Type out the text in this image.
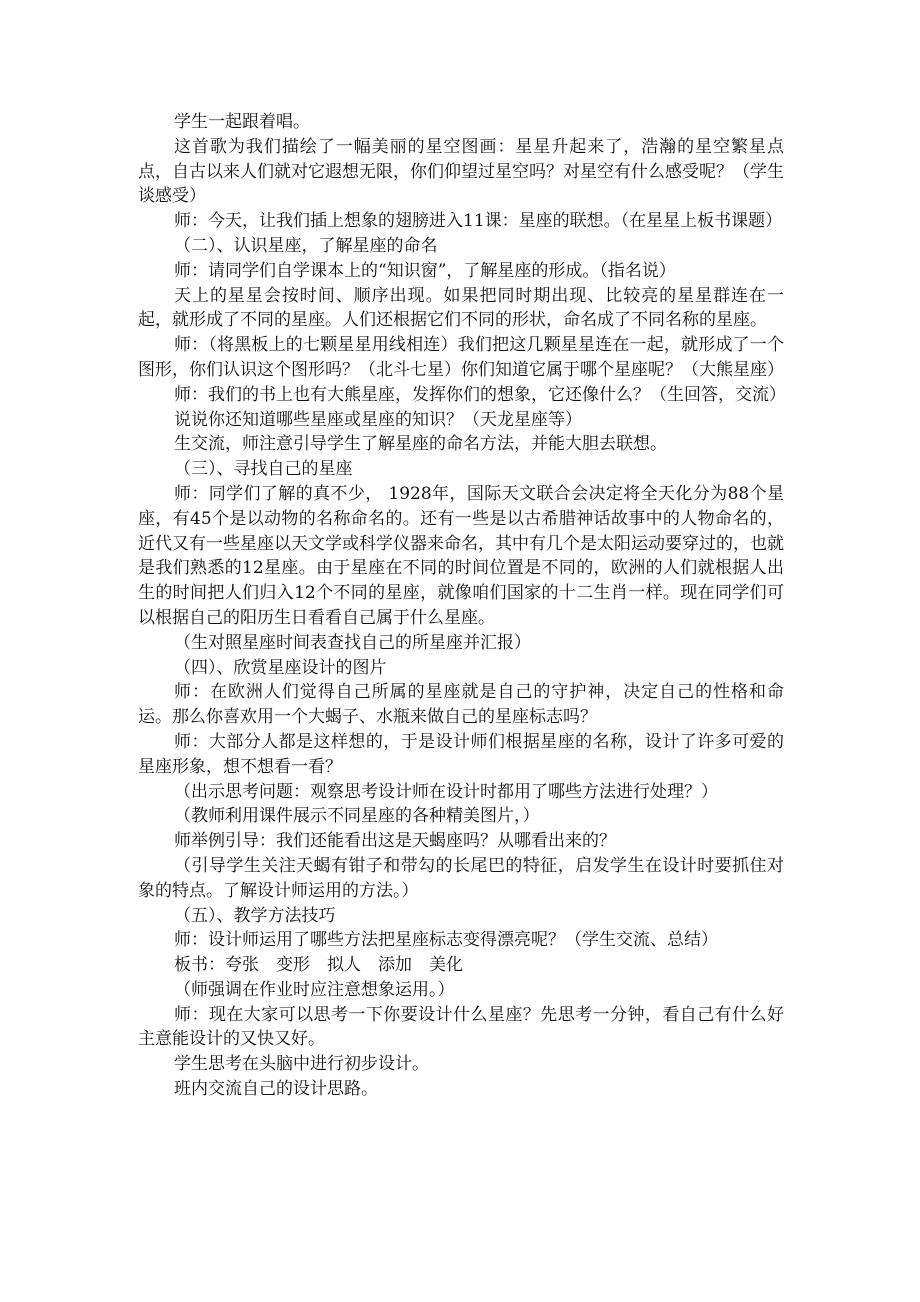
学生一起跟着唱。

这首歌为我们描绘了一幅美丽的星空图画：星星升起来了，浩瀚的星空繁星点点，自古以来人们就对它遐想无限，你们仰望过星空吗？对星空有什么感受呢？（学生谈感受）

师：今天，让我们插上想象的翅膀进入11课：星座的联想。（在星星上板书课题）

（二）、认识星座，了解星座的命名

师：请同学们自学课本上的“知识窗”，了解星座的形成。（指名说）

天上的星星会按时间、顺序出现。如果把同时期出现、比较亮的星星群连在一起，就形成了不同的星座。人们还根据它们不同的形状，命名成了不同名称的星座。

师：（将黑板上的七颗星星用线相连）我们把这几颗星星连在一起，就形成了一个图形，你们认识这个图形吗？（北斗七星）你们知道它属于哪个星座呢？（大熊星座）

师：我们的书上也有大熊星座，发挥你们的想象，它还像什么？（生回答，交流）

说说你还知道哪些星座或星座的知识？（天龙星座等）

生交流，师注意引导学生了解星座的命名方法，并能大胆去联想。

（三）、寻找自己的星座

师：同学们了解的真不少， 1928年，国际天文联合会决定将全天化分为88个星座，有45个是以动物的名称命名的。还有一些是以古希腊神话故事中的人物命名的，近代又有一些星座以天文学或科学仪器来命名，其中有几个是太阳运动要穿过的，也就是我们熟悉的12星座。由于星座在不同的时间位置是不同的，欧洲的人们就根据人出生的时间把人们归入12个不同的星座，就像咱们国家的十二生肖一样。现在同学们可以根据自己的阳历生日看看自己属于什么星座。

（生对照星座时间表查找自己的所星座并汇报）

（四）、欣赏星座设计的图片

师：在欧洲人们觉得自己所属的星座就是自己的守护神，决定自己的性格和命运。那么你喜欢用一个大蝎子、水瓶来做自己的星座标志吗？

师：大部分人都是这样想的，于是设计师们根据星座的名称，设计了许多可爱的星座形象，想不想看一看？

（出示思考问题：观察思考设计师在设计时都用了哪些方法进行处理？）

（教师利用课件展示不同星座的各种精美图片，）

师举例引导：我们还能看出这是天蝎座吗？从哪看出来的？

（引导学生关注天蝎有钳子和带勾的长尾巴的特征，启发学生在设计时要抓住对象的特点。了解设计师运用的方法。）

（五）、教学方法技巧

师：设计师运用了哪些方法把星座标志变得漂亮呢？（学生交流、总结）

板书：夸张　变形　拟人　添加　美化

（师强调在作业时应注意想象运用。）

师：现在大家可以思考一下你要设计什么星座？先思考一分钟，看自己有什么好主意能设计的又快又好。

学生思考在头脑中进行初步设计。

班内交流自己的设计思路。
